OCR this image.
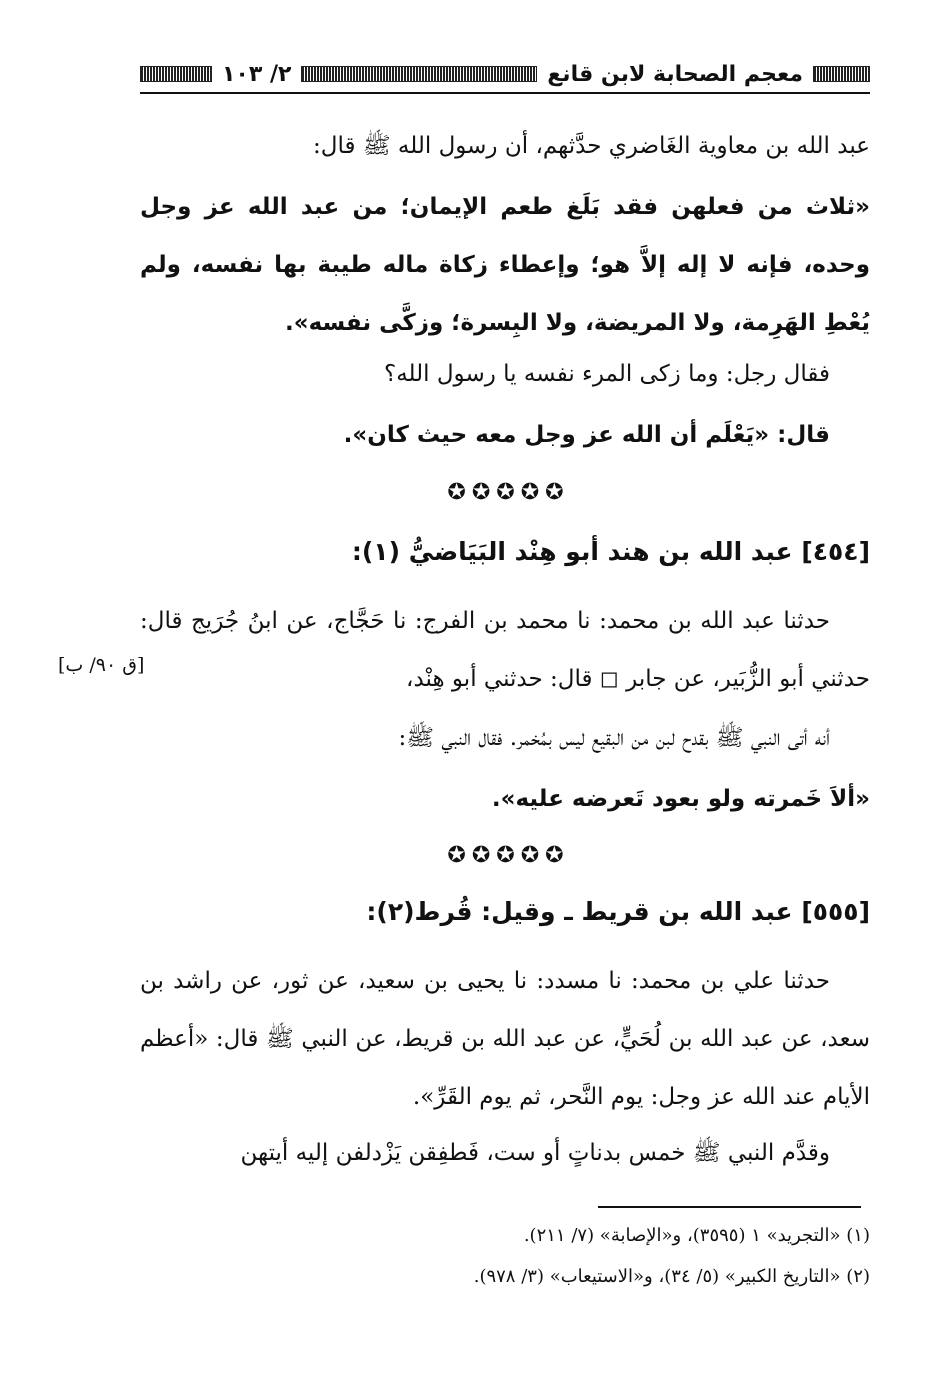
معجم الصحابة لابن قانع
٢/ ١٠٣
عبد الله بن معاوية الغَاضري حدَّثهم، أن رسول الله ﷺ قال:
«ثلاث من فعلهن فقد بَلَغ طعم الإيمان؛ من عبد الله عز وجل وحده، فإنه لا إله إلاَّ هو؛ وإعطاء زكاة ماله طيبة بها نفسه، ولم يُعْطِ الهَرِمة، ولا المريضة، ولا البِسرة؛ وزكَّى نفسه».
فقال رجل: وما زكى المرء نفسه يا رسول الله؟
قال: «يَعْلَم أن الله عز وجل معه حيث كان».
✪✪✪✪✪
[٤٥٤] عبد الله بن هند أبو هِنْد البَيَاضيُّ (١):
حدثنا عبد الله بن محمد: نا محمد بن الفرج: نا حَجَّاج، عن ابنُ جُرَيج قال: حدثني أبو الزُّبَير، عن جابر ◻ قال: حدثني أبو هِنْد،
[ق ٩٠/ ب]
أنه أتى النبي ﷺ بقدح لبن من البقيع ليس بمُخمر. فقال النبي ﷺ:
«ألاَ خَمرته ولو بعود تَعرضه عليه».
✪✪✪✪✪
[٥٥٥] عبد الله بن قريط ـ وقيل: قُرط(٢):
حدثنا علي بن محمد: نا مسدد: نا يحيى بن سعيد، عن ثور، عن راشد بن سعد، عن عبد الله بن لُحَيٍّ، عن عبد الله بن قريط، عن النبي ﷺ قال: «أعظم الأيام عند الله عز وجل: يوم النَّحر، ثم يوم القَرِّ».
وقدَّم النبي ﷺ خمس بدناتٍ أو ست، فَطفِقن يَزْدلفن إليه أيتهن
(١) «التجريد» ١ (٣٥٩٥)، و«الإصابة» (٧/ ٢١١).
(٢) «التاريخ الكبير» (٥/ ٣٤)، و«الاستيعاب» (٣/ ٩٧٨).
